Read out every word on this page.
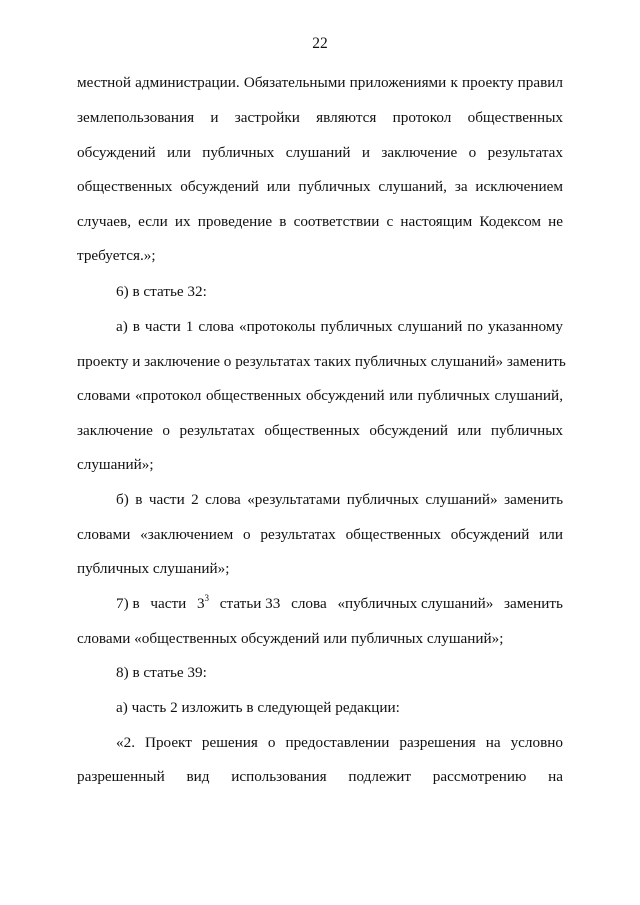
22
местной администрации. Обязательными приложениями к проекту правил
землепользования и застройки являются протокол общественных
обсуждений или публичных слушаний и заключение о результатах
общественных обсуждений или публичных слушаний, за исключением
случаев, если их проведение в соответствии с настоящим Кодексом не
требуется.»;
6) в статье 32:
а) в части 1 слова «протоколы публичных слушаний по указанному
проекту и заключение о результатах таких публичных слушаний» заменить
словами «протокол общественных обсуждений или публичных слушаний,
заключение о результатах общественных обсуждений или публичных
слушаний»;
б) в части 2 слова «результатами публичных слушаний» заменить
словами «заключением о результатах общественных обсуждений или
публичных слушаний»;
7) в части $3^3$ статьи 33 слова «публичных слушаний» заменить
словами «общественных обсуждений или публичных слушаний»;
8) в статье 39:
а) часть 2 изложить в следующей редакции:
«2. Проект решения о предоставлении разрешения на условно
разрешенный вид использования подлежит рассмотрению на
